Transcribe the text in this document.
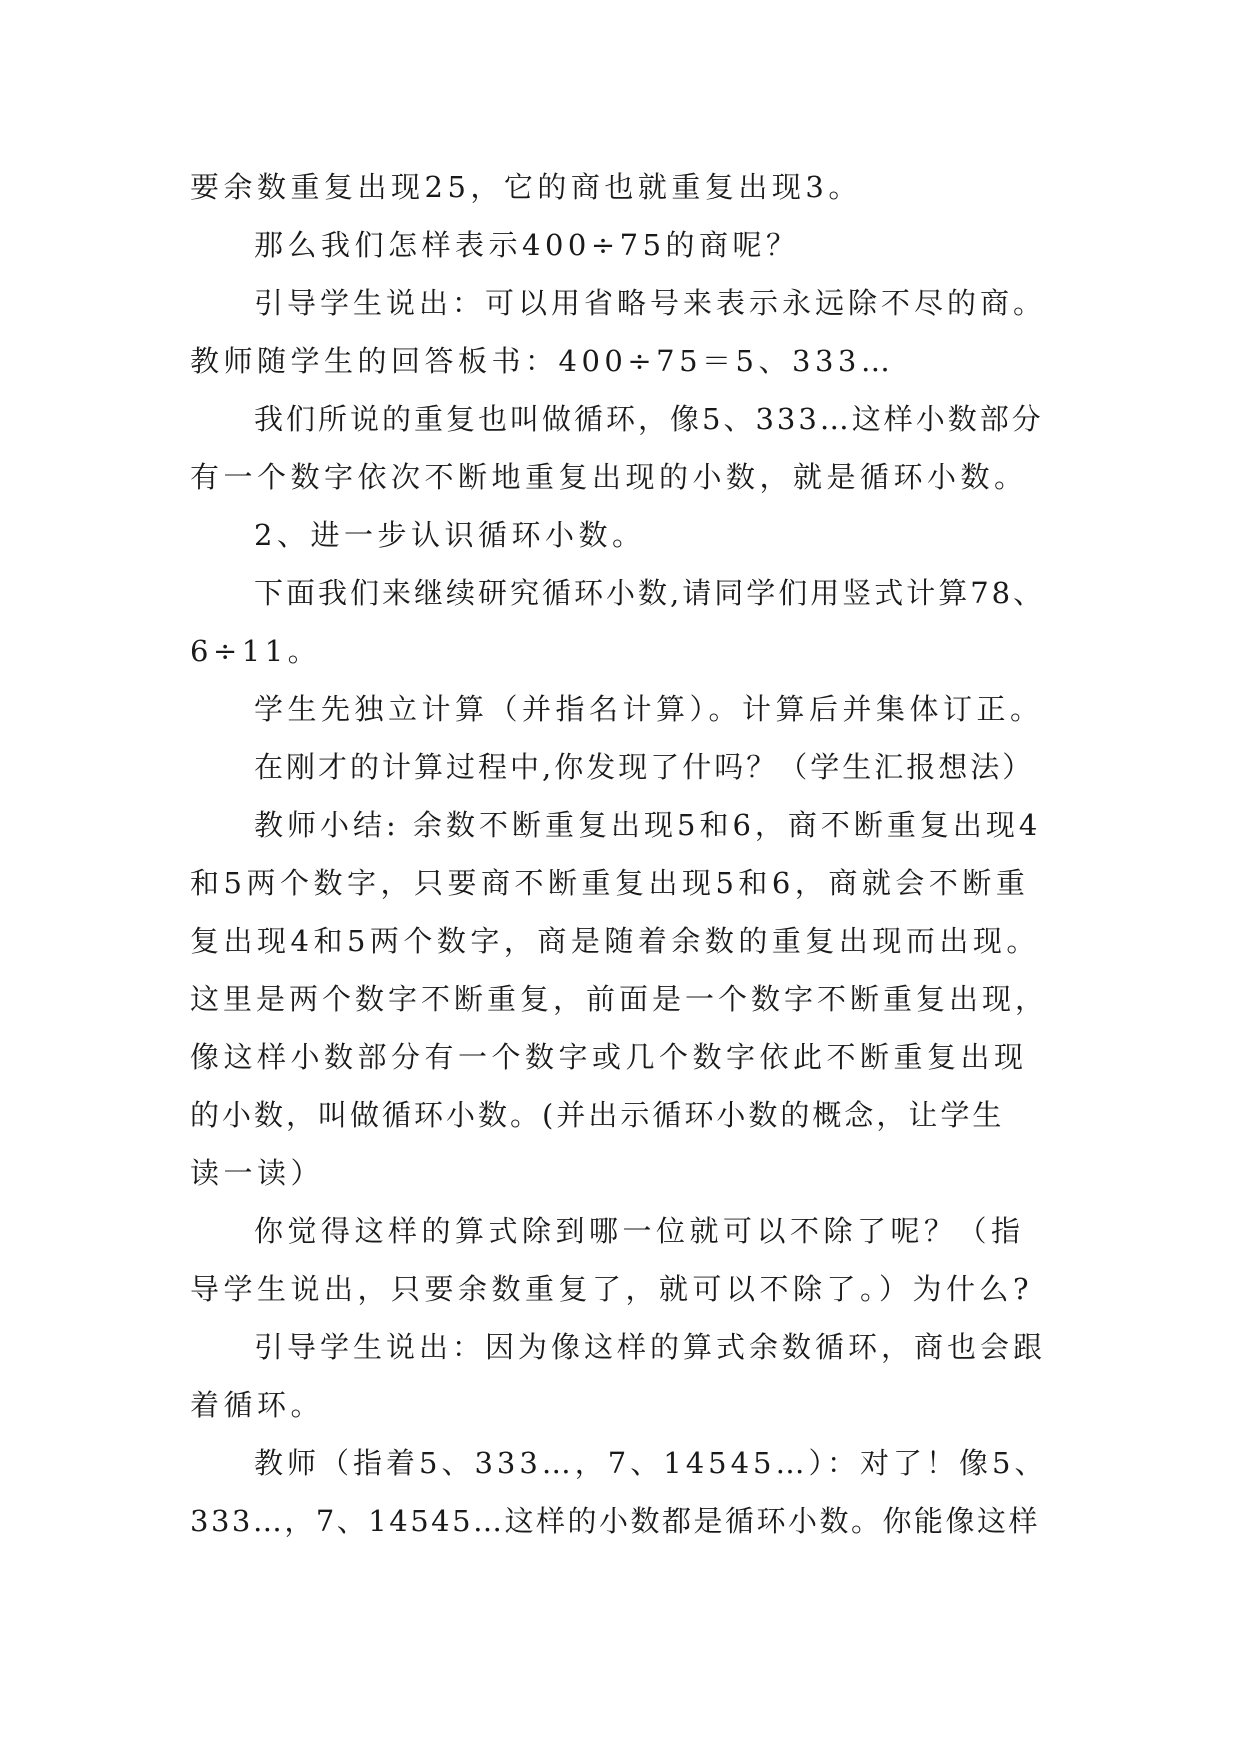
要余数重复出现25，它的商也就重复出现3。
那么我们怎样表示400÷75的商呢？
引导学生说出：可以用省略号来表示永远除不尽的商。
教师随学生的回答板书：400÷75＝5、333…
我们所说的重复也叫做循环，像5、333…这样小数部分
有一个数字依次不断地重复出现的小数，就是循环小数。
2、进一步认识循环小数。
下面我们来继续研究循环小数,请同学们用竖式计算78、
6÷11。
学生先独立计算（并指名计算）。计算后并集体订正。
在刚才的计算过程中,你发现了什吗？（学生汇报想法）
教师小结: 余数不断重复出现5和6，商不断重复出现4
和5两个数字，只要商不断重复出现5和6，商就会不断重
复出现4和5两个数字，商是随着余数的重复出现而出现。
这里是两个数字不断重复，前面是一个数字不断重复出现，
像这样小数部分有一个数字或几个数字依此不断重复出现
的小数，叫做循环小数。(并出示循环小数的概念，让学生
读一读）
你觉得这样的算式除到哪一位就可以不除了呢？（指
导学生说出，只要余数重复了，就可以不除了。）为什么?
引导学生说出：因为像这样的算式余数循环，商也会跟
着循环。
教师（指着5、333…，7、14545…）：对了！像5、
333…，7、14545…这样的小数都是循环小数。你能像这样
